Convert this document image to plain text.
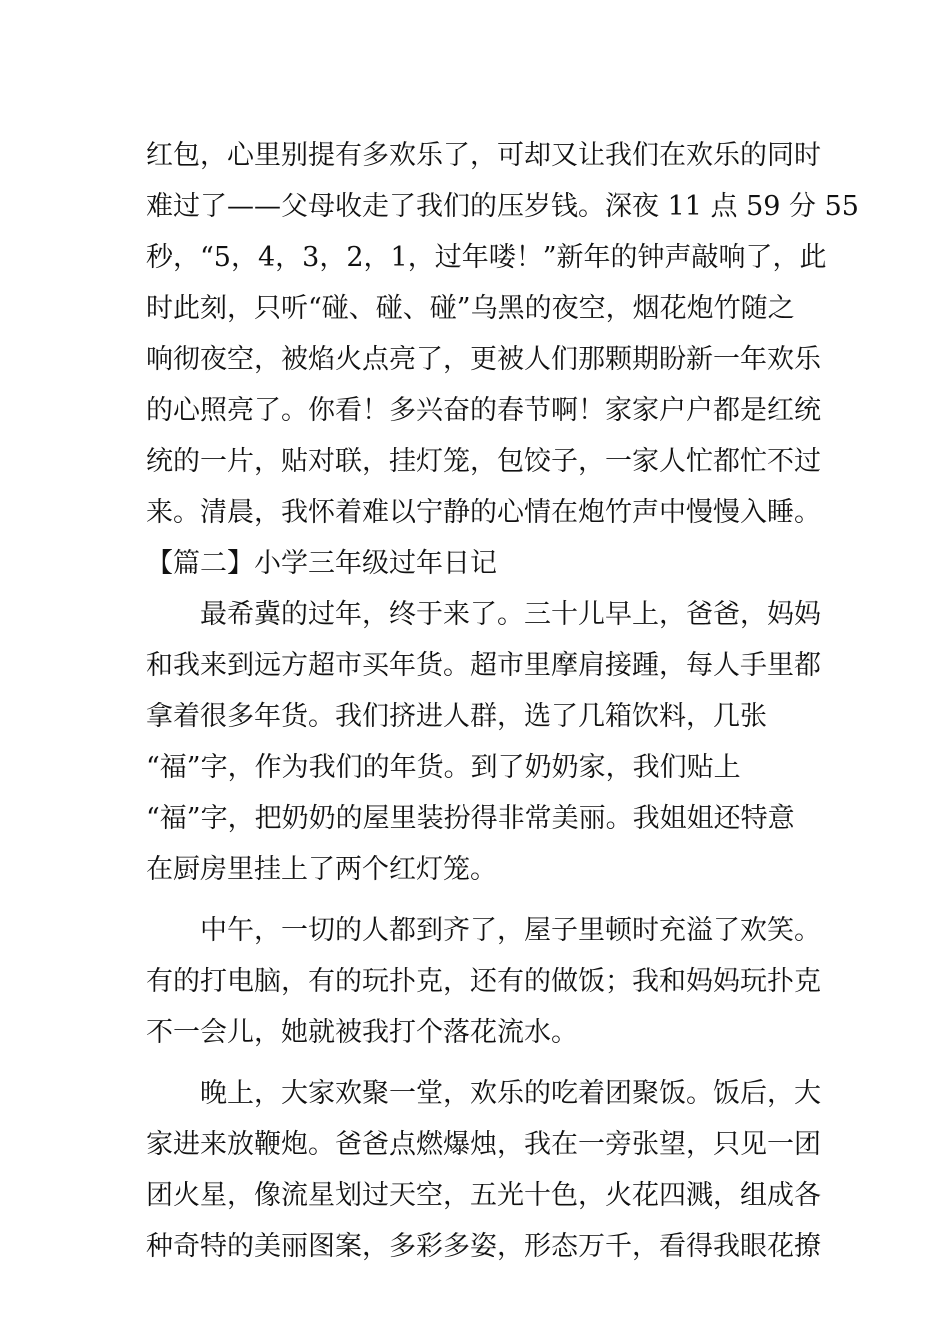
红包，心里别提有多欢乐了，可却又让我们在欢乐的同时
难过了——父母收走了我们的压岁钱。深夜 11 点 59 分 55
秒，“5，4，3，2，1，过年喽！”新年的钟声敲响了，此
时此刻，只听“碰、碰、碰”乌黑的夜空，烟花炮竹随之
响彻夜空，被焰火点亮了，更被人们那颗期盼新一年欢乐
的心照亮了。你看！多兴奋的春节啊！家家户户都是红统
统的一片，贴对联，挂灯笼，包饺子，一家人忙都忙不过
来。清晨，我怀着难以宁静的心情在炮竹声中慢慢入睡。
【篇二】小学三年级过年日记
　　最希冀的过年，终于来了。三十儿早上，爸爸，妈妈
和我来到远方超市买年货。超市里摩肩接踵，每人手里都
拿着很多年货。我们挤进人群，选了几箱饮料，几张
“福”字，作为我们的年货。到了奶奶家，我们贴上
“福”字，把奶奶的屋里装扮得非常美丽。我姐姐还特意
在厨房里挂上了两个红灯笼。
　　中午，一切的人都到齐了，屋子里顿时充溢了欢笑。
有的打电脑，有的玩扑克，还有的做饭；我和妈妈玩扑克
不一会儿，她就被我打个落花流水。
　　晚上，大家欢聚一堂，欢乐的吃着团聚饭。饭后，大
家进来放鞭炮。爸爸点燃爆烛，我在一旁张望，只见一团
团火星，像流星划过天空，五光十色，火花四溅，组成各
种奇特的美丽图案，多彩多姿，形态万千，看得我眼花撩
